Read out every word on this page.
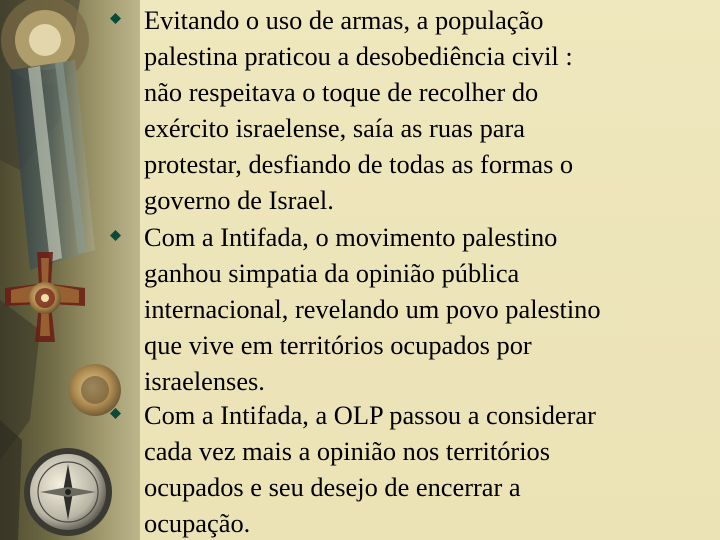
Evitando o uso de armas, a população
palestina praticou a desobediência civil :
não respeitava o toque de recolher do
exército israelense, saía as ruas para
protestar, desfiando de todas as formas o
governo de Israel.
Com a Intifada, o movimento palestino
ganhou simpatia da opinião pública
internacional, revelando um povo palestino
que vive em territórios ocupados por
israelenses.
Com a Intifada, a OLP passou a considerar
cada vez mais a opinião nos territórios
ocupados e seu desejo de encerrar a
ocupação.
